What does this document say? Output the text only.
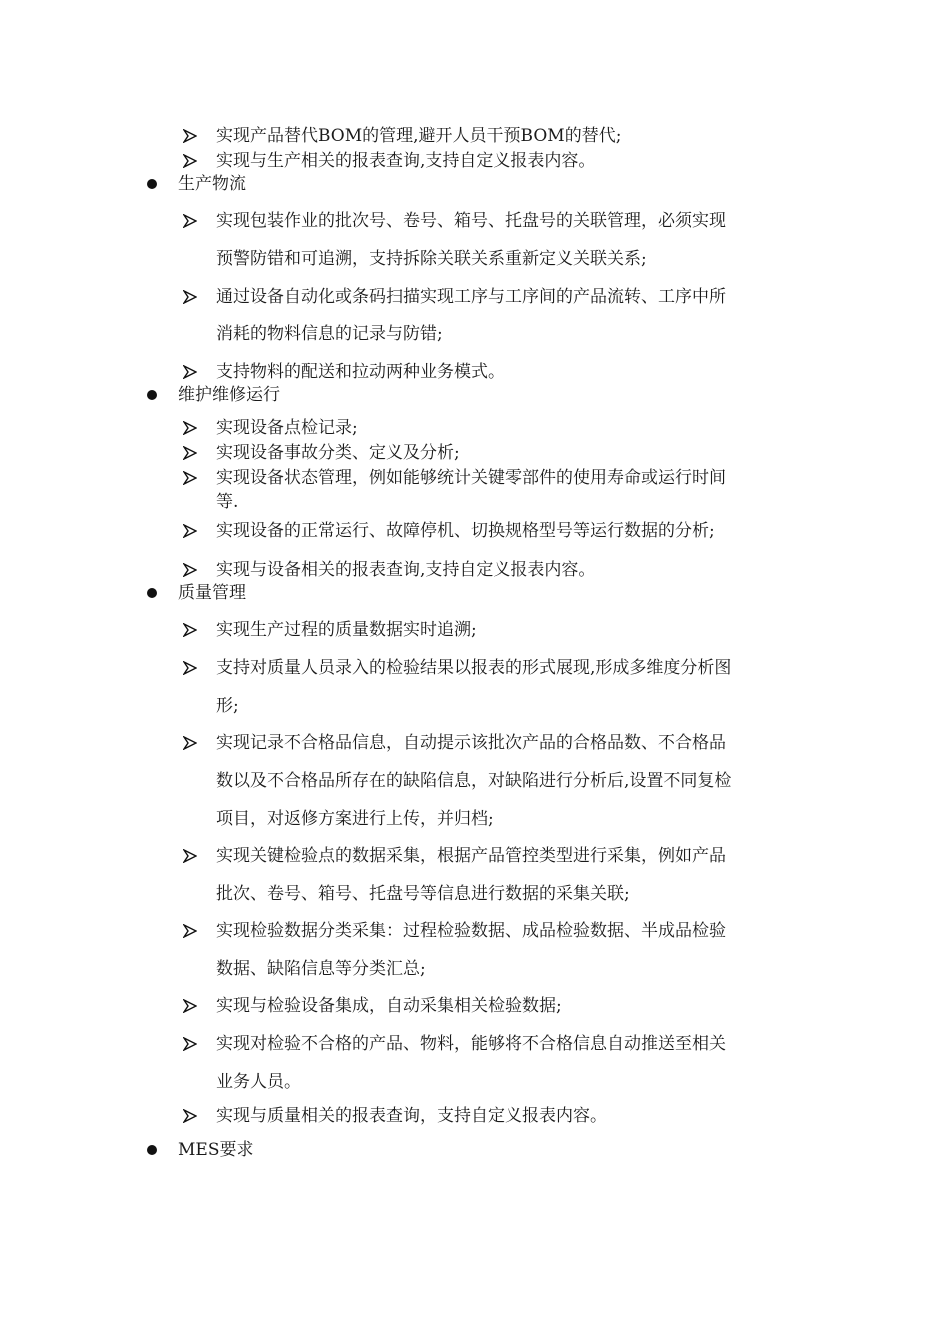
实现产品替代BOM的管理,避开人员干预BOM的替代;
实现与生产相关的报表查询,支持自定义报表内容。
生产物流
实现包装作业的批次号、卷号、箱号、托盘号的关联管理，必须实现
预警防错和可追溯，支持拆除关联关系重新定义关联关系;
通过设备自动化或条码扫描实现工序与工序间的产品流转、工序中所
消耗的物料信息的记录与防错;
支持物料的配送和拉动两种业务模式。
维护维修运行
实现设备点检记录;
实现设备事故分类、定义及分析;
实现设备状态管理，例如能够统计关键零部件的使用寿命或运行时间
等.
实现设备的正常运行、故障停机、切换规格型号等运行数据的分析;
实现与设备相关的报表查询,支持自定义报表内容。
质量管理
实现生产过程的质量数据实时追溯;
支持对质量人员录入的检验结果以报表的形式展现,形成多维度分析图
形;
实现记录不合格品信息，自动提示该批次产品的合格品数、不合格品
数以及不合格品所存在的缺陷信息，对缺陷进行分析后,设置不同复检
项目，对返修方案进行上传，并归档;
实现关键检验点的数据采集，根据产品管控类型进行采集，例如产品
批次、卷号、箱号、托盘号等信息进行数据的采集关联;
实现检验数据分类采集：过程检验数据、成品检验数据、半成品检验
数据、缺陷信息等分类汇总;
实现与检验设备集成，自动采集相关检验数据;
实现对检验不合格的产品、物料，能够将不合格信息自动推送至相关
业务人员。
实现与质量相关的报表查询，支持自定义报表内容。
MES要求
